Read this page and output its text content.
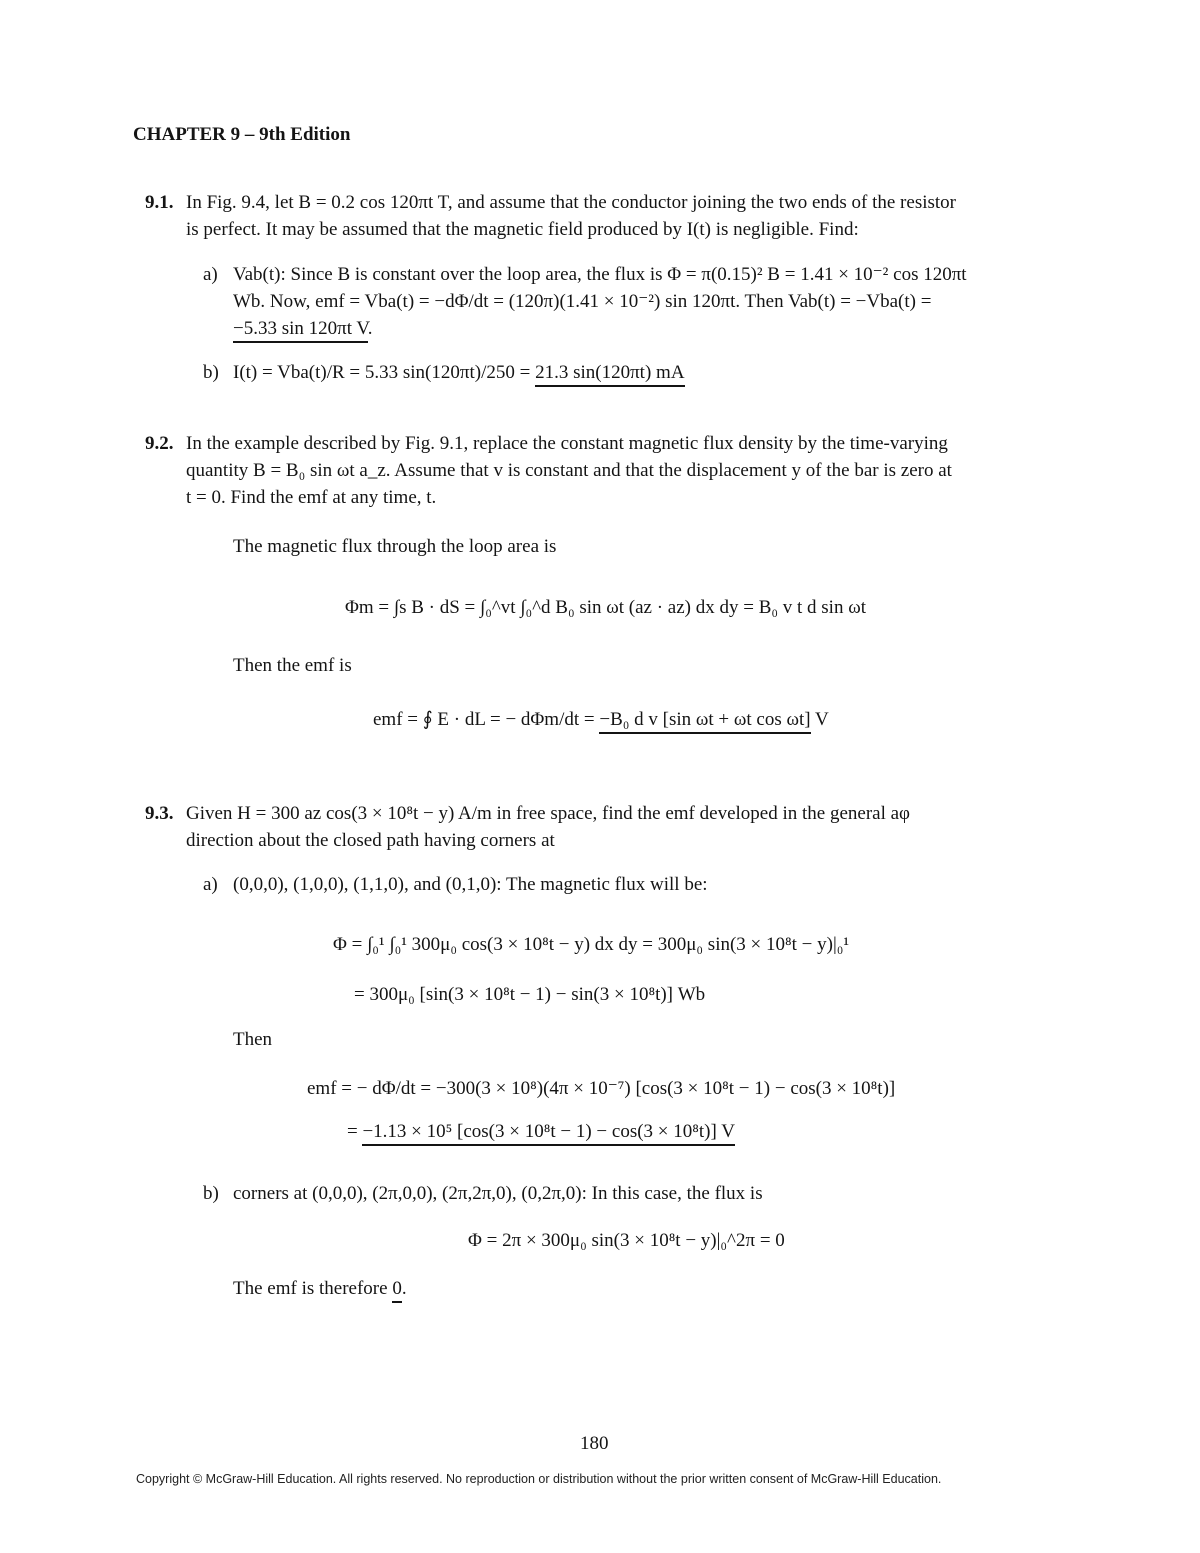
CHAPTER 9 – 9th Edition
9.1. In Fig. 9.4, let B = 0.2 cos 120πt T, and assume that the conductor joining the two ends of the resistor
is perfect. It may be assumed that the magnetic field produced by I(t) is negligible. Find:
a) Vab(t): Since B is constant over the loop area, the flux is Φ = π(0.15)² B = 1.41 × 10⁻² cos 120πt
Wb. Now, emf = Vba(t) = −dΦ/dt = (120π)(1.41 × 10⁻²) sin 120πt. Then Vab(t) = −Vba(t) =
−5.33 sin 120πt V.
b) I(t) = Vba(t)/R = 5.33 sin(120πt)/250 = 21.3 sin(120πt) mA
9.2. In the example described by Fig. 9.1, replace the constant magnetic flux density by the time-varying
quantity B = B₀ sin ωt a_z. Assume that v is constant and that the displacement y of the bar is zero at
t = 0. Find the emf at any time, t.
The magnetic flux through the loop area is
Φm = ∫s B · dS = ∫₀^vt ∫₀^d B₀ sin ωt (az · az) dx dy = B₀ v t d sin ωt
Then the emf is
emf = ∮ E · dL = − dΦm/dt = −B₀ d v [sin ωt + ωt cos ωt] V
9.3. Given H = 300 az cos(3 × 10⁸t − y) A/m in free space, find the emf developed in the general aφ
direction about the closed path having corners at
a) (0,0,0), (1,0,0), (1,1,0), and (0,1,0): The magnetic flux will be:
Φ = ∫₀¹ ∫₀¹ 300μ₀ cos(3 × 10⁸t − y) dx dy = 300μ₀ sin(3 × 10⁸t − y)|₀¹
= 300μ₀ [sin(3 × 10⁸t − 1) − sin(3 × 10⁸t)] Wb
Then
emf = − dΦ/dt = −300(3 × 10⁸)(4π × 10⁻⁷) [cos(3 × 10⁸t − 1) − cos(3 × 10⁸t)]
= −1.13 × 10⁵ [cos(3 × 10⁸t − 1) − cos(3 × 10⁸t)] V
b) corners at (0,0,0), (2π,0,0), (2π,2π,0), (0,2π,0): In this case, the flux is
Φ = 2π × 300μ₀ sin(3 × 10⁸t − y)|₀^2π = 0
The emf is therefore 0.
180
Copyright © McGraw-Hill Education. All rights reserved. No reproduction or distribution without the prior written consent of McGraw-Hill Education.
